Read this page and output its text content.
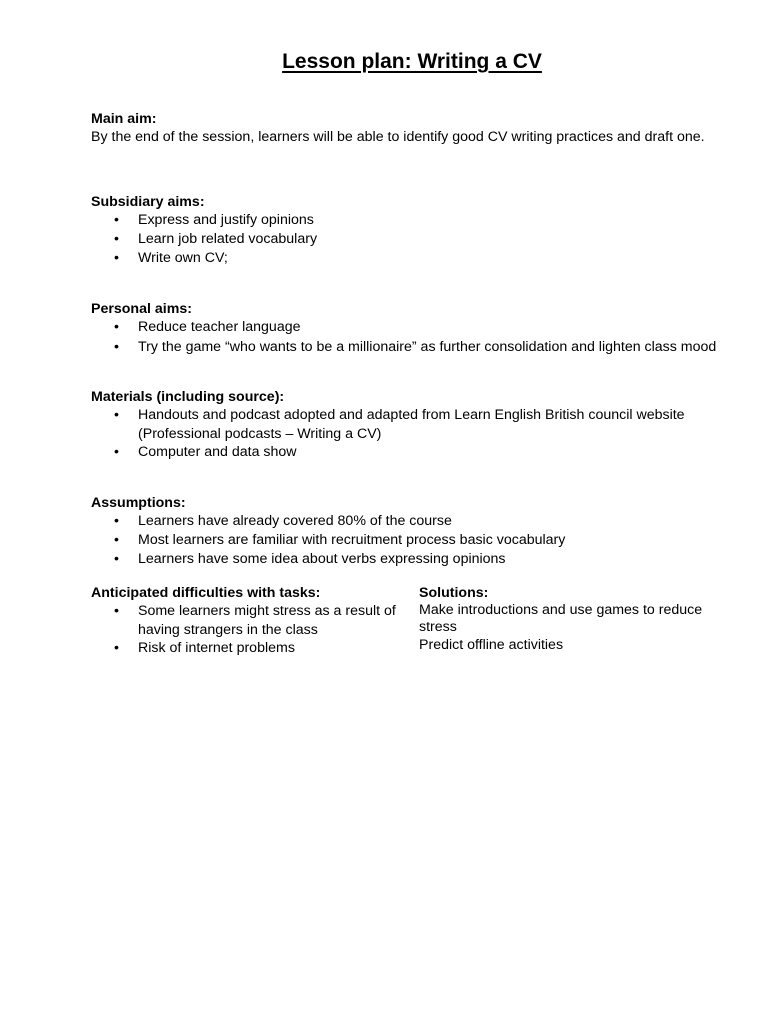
Lesson plan: Writing a CV

Main aim:

By the end of the session, learners will be able to identify good CV writing practices and draft one.

Subsidiary aims:

• Express and justify opinions
• Learn job related vocabulary
• Write own CV;

Personal aims:

• Reduce teacher language
• Try the game “who wants to be a millionaire” as further consolidation and lighten class mood

Materials (including source):

• Handouts and podcast adopted and adapted from Learn English British council website (Professional podcasts – Writing a CV)
• Computer and data show

Assumptions:

• Learners have already covered 80% of the course
• Most learners are familiar with recruitment process basic vocabulary
• Learners have some idea about verbs expressing opinions

Anticipated difficulties with tasks:

• Some learners might stress as a result of having strangers in the class
• Risk of internet problems

Solutions:

Make introductions and use games to reduce stress

Predict offline activities
